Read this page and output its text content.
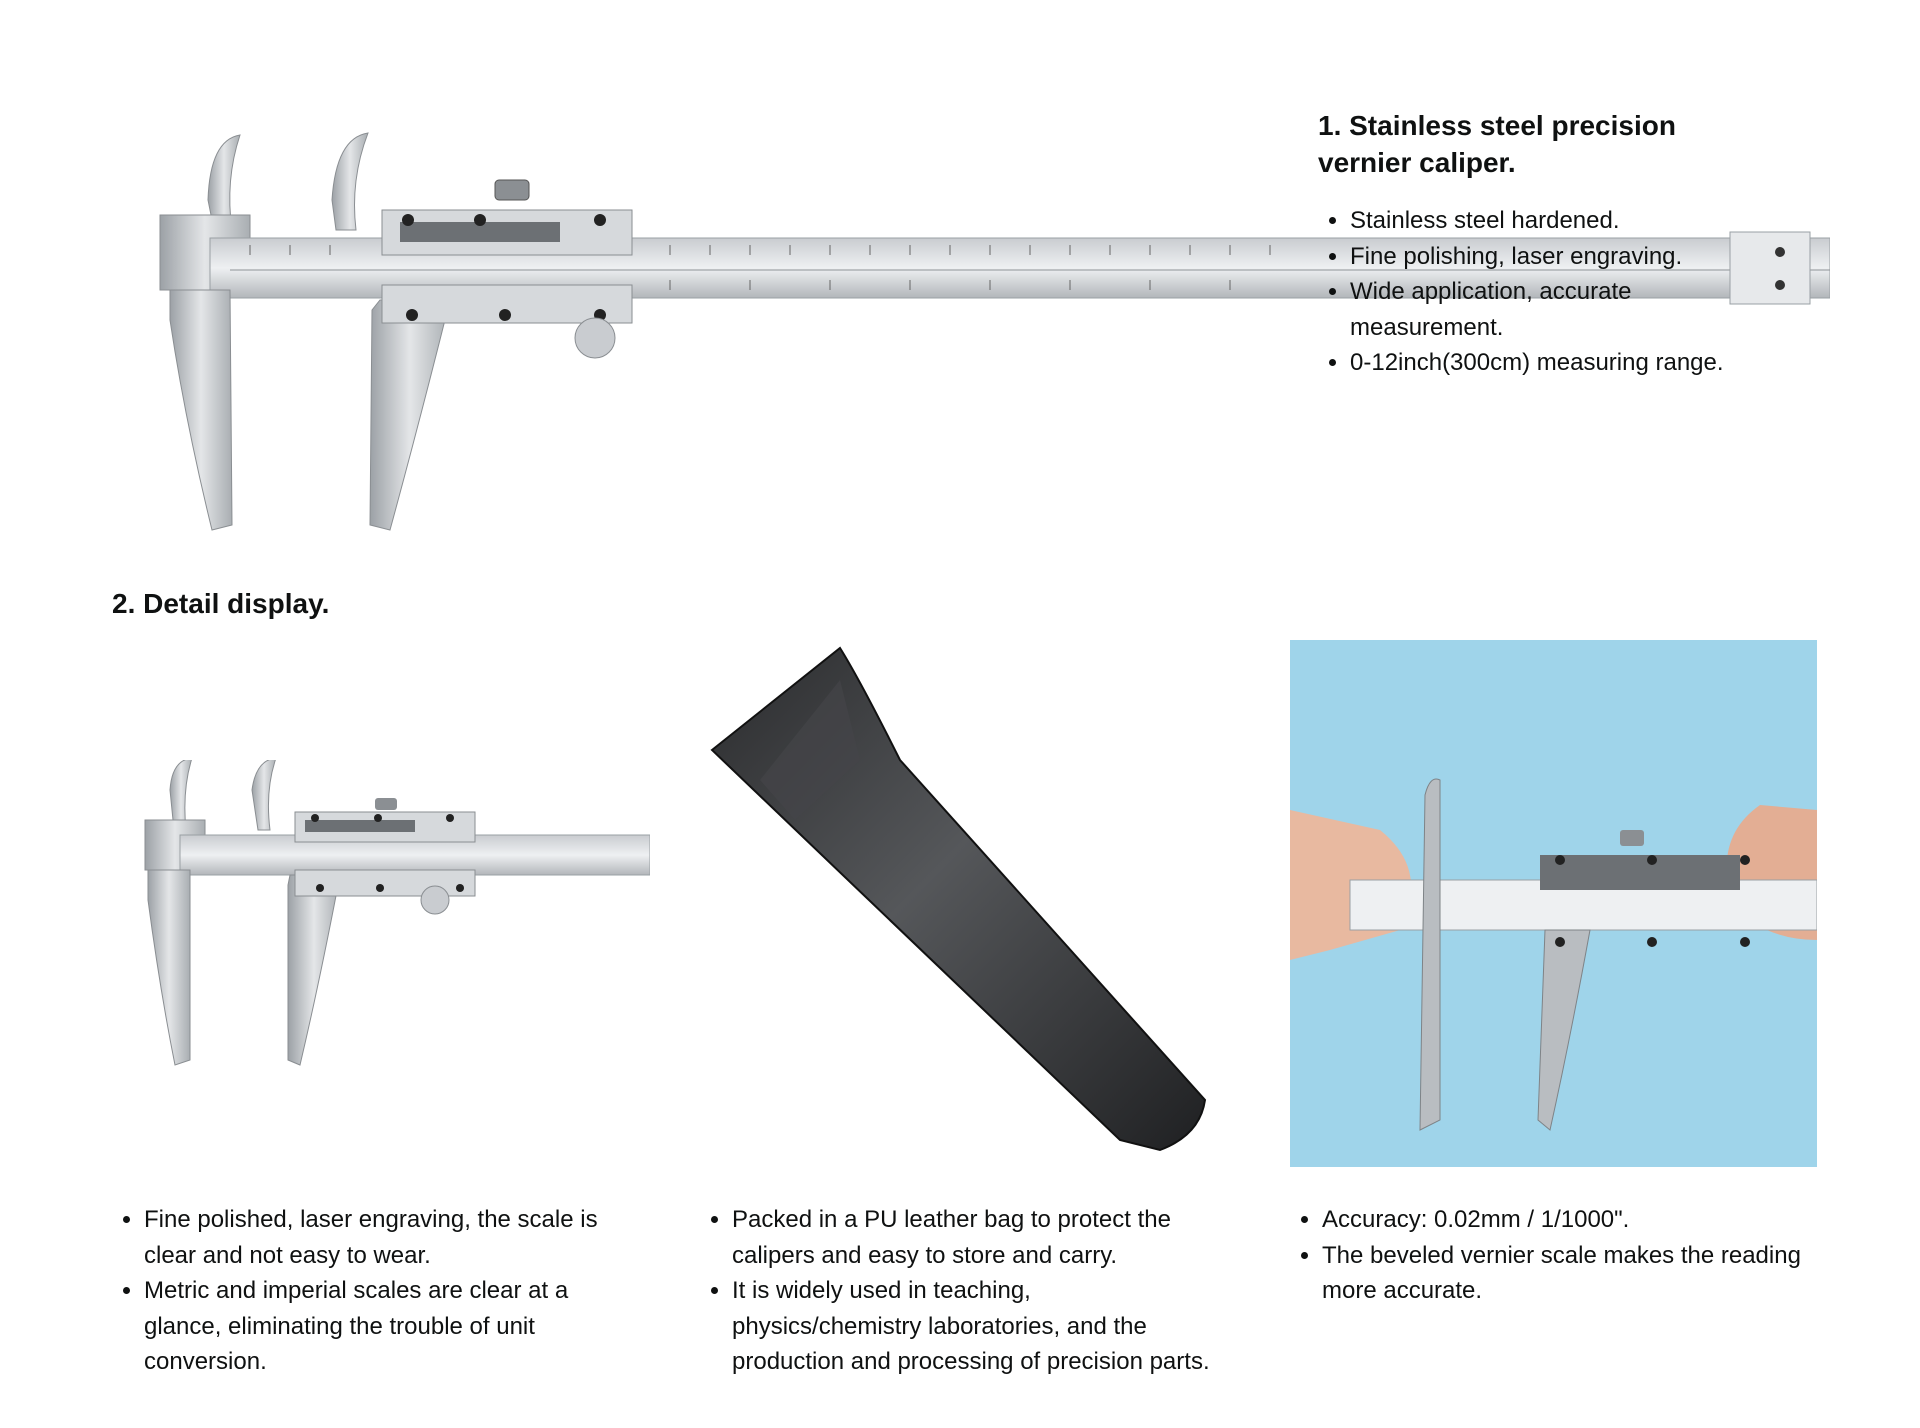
1. Stainless steel precision vernier caliper.
• Stainless steel hardened.
• Fine polishing, laser engraving.
• Wide application, accurate measurement.
• 0-12inch(300cm) measuring range.
2. Detail display.
• Fine polished, laser engraving, the scale is clear and not easy to wear.
• Metric and imperial scales are clear at a glance, eliminating the trouble of unit conversion.
• Packed in a PU leather bag to protect the calipers and easy to store and carry.
• It is widely used in teaching, physics/chemistry laboratories, and the production and processing of precision parts.
• Accuracy: 0.02mm / 1/1000".
• The beveled vernier scale makes the reading more accurate.
